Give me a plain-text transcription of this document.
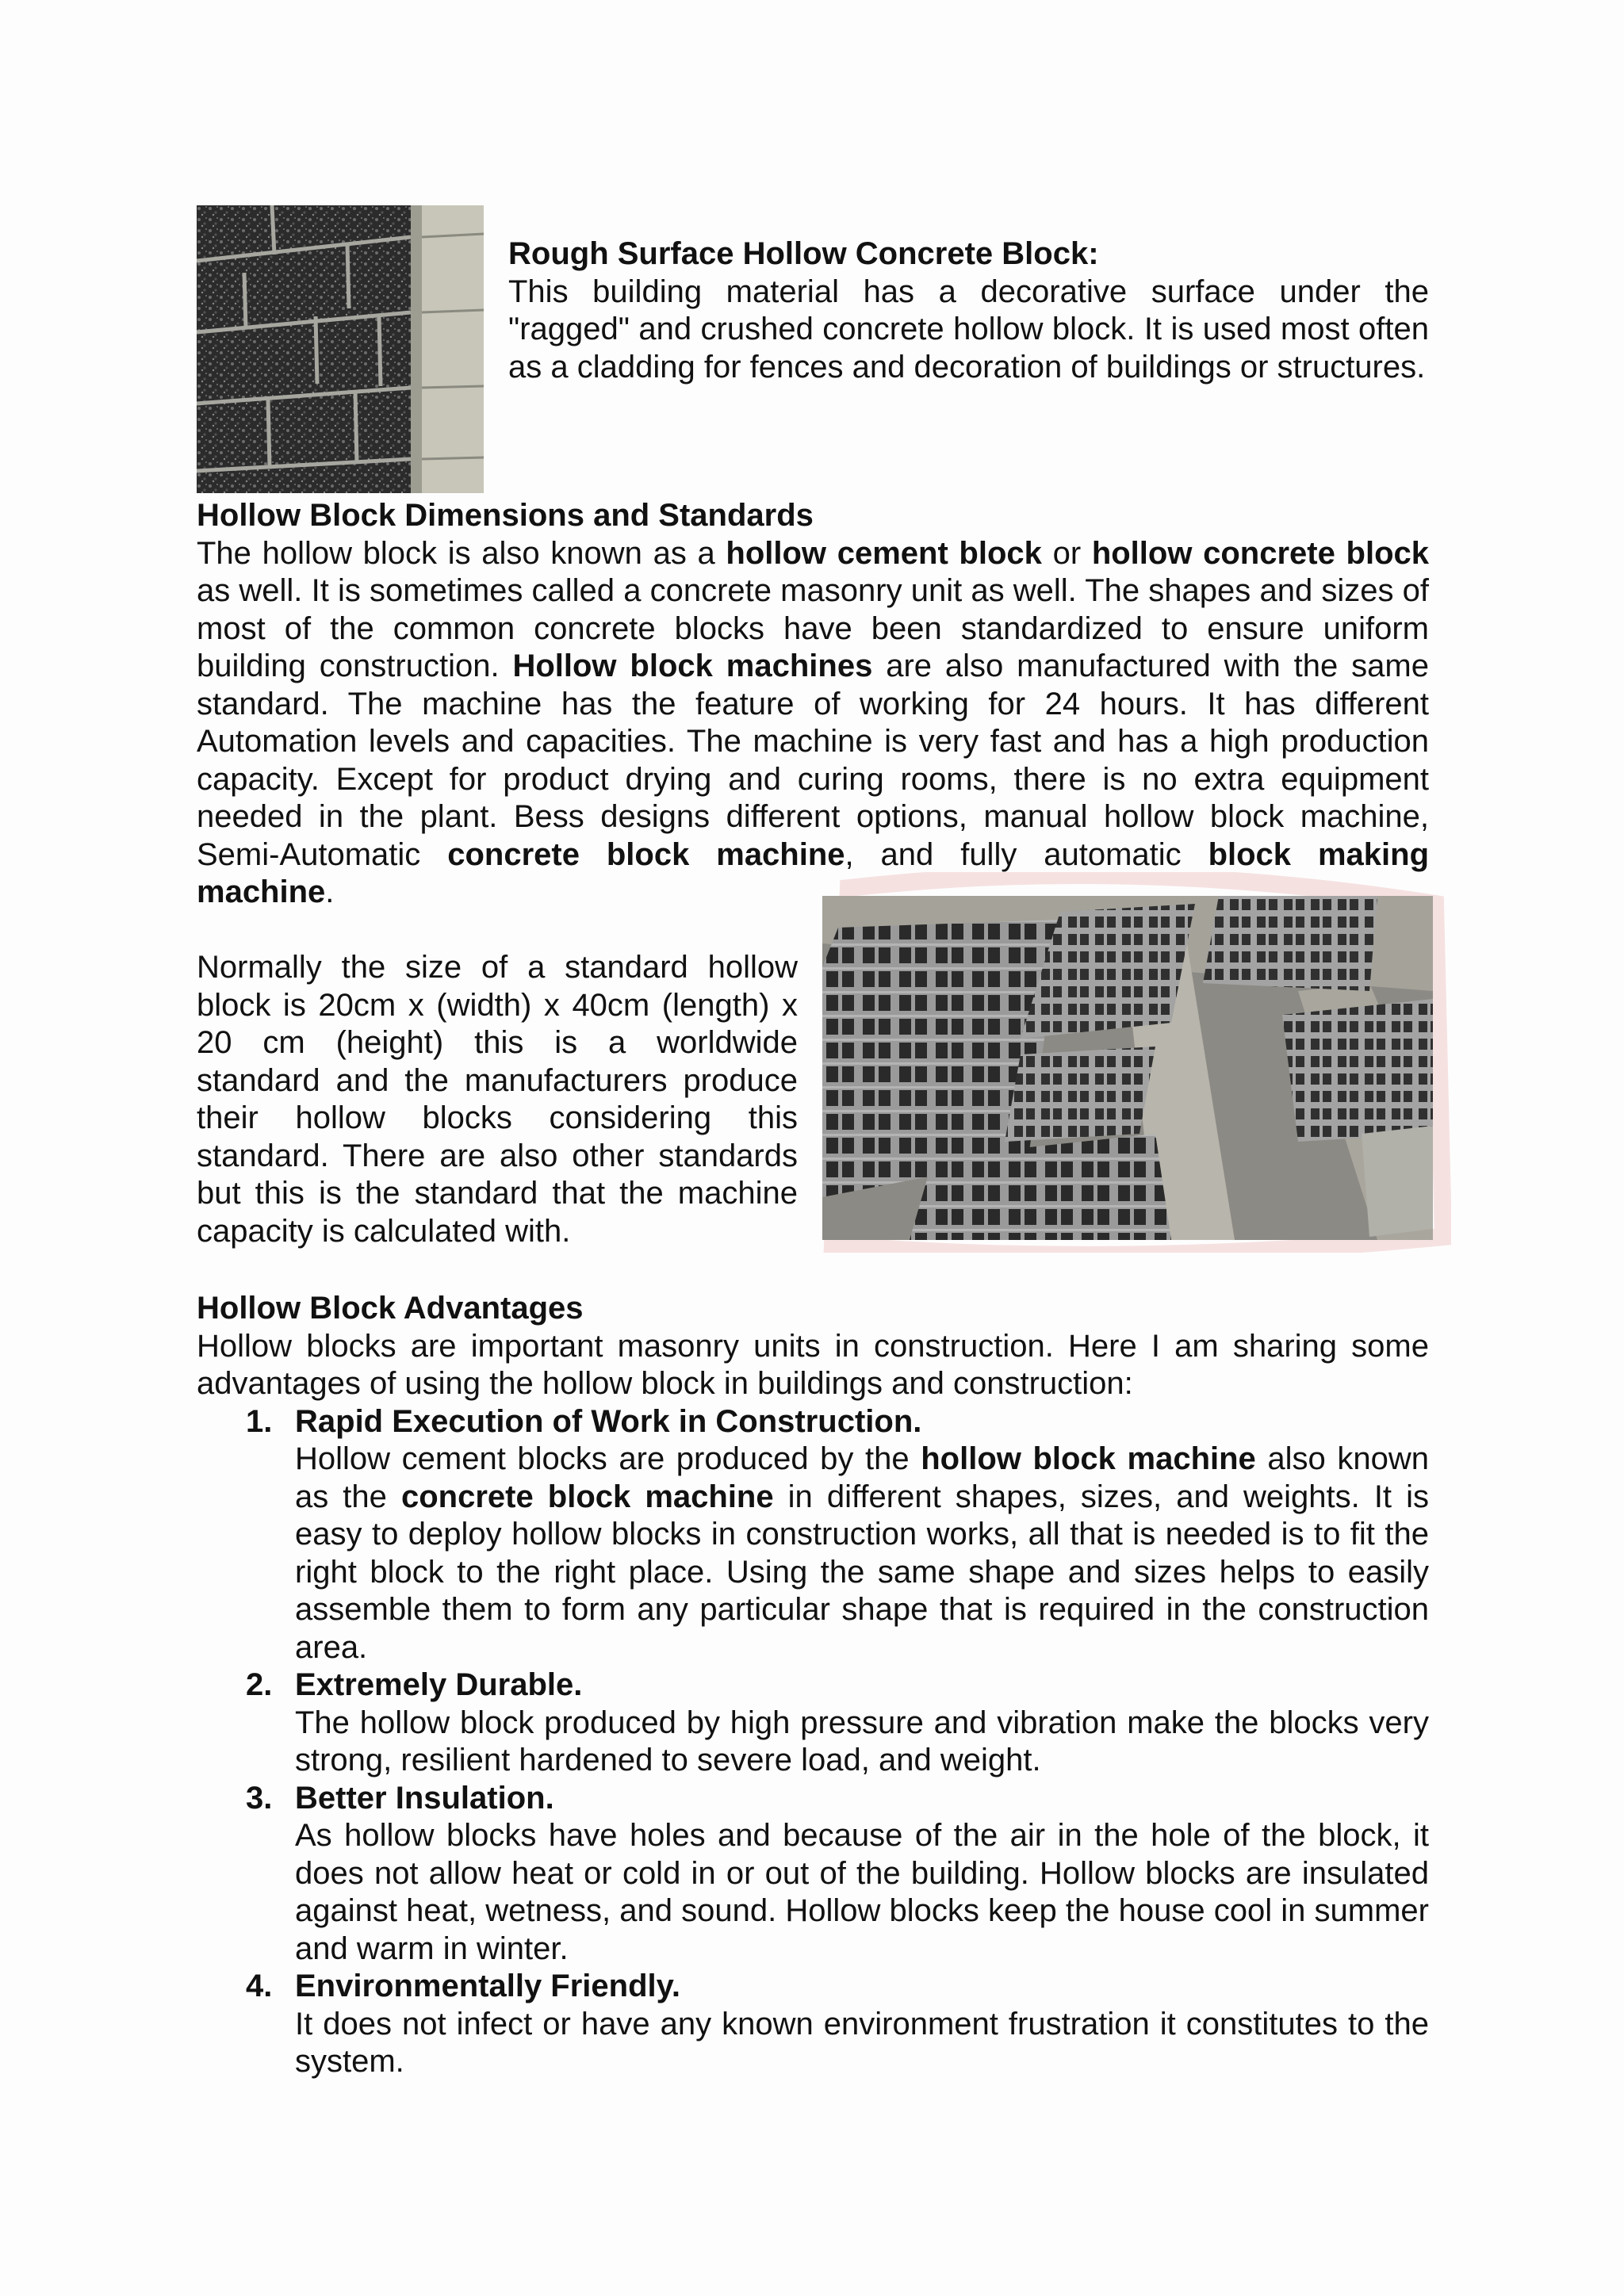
Rough Surface Hollow Concrete Block:

This building material has a decorative surface under the "ragged" and crushed concrete hollow block. It is used most often as a cladding for fences and decoration of buildings or structures.

Hollow Block Dimensions and Standards

The hollow block is also known as a hollow cement block or hollow concrete block as well. It is sometimes called a concrete masonry unit as well. The shapes and sizes of most of the common concrete blocks have been standardized to ensure uniform building construction. Hollow block machines are also manufactured with the same standard. The machine has the feature of working for 24 hours. It has different Automation levels and capacities. The machine is very fast and has a high production capacity. Except for product drying and curing rooms, there is no extra equipment needed in the plant. Bess designs different options, manual hollow block machine, Semi-Automatic concrete block machine, and fully automatic block making machine.

Normally the size of a standard hollow block is 20cm x (width) x 40cm (length) x 20 cm (height) this is a worldwide standard and the manufacturers produce their hollow blocks considering this standard. There are also other standards but this is the standard that the machine capacity is calculated with.

Hollow Block Advantages

Hollow blocks are important masonry units in construction. Here I am sharing some advantages of using the hollow block in buildings and construction:

1. Rapid Execution of Work in Construction.
Hollow cement blocks are produced by the hollow block machine also known as the concrete block machine in different shapes, sizes, and weights. It is easy to deploy hollow blocks in construction works, all that is needed is to fit the right block to the right place. Using the same shape and sizes helps to easily assemble them to form any particular shape that is required in the construction area.
2. Extremely Durable.
The hollow block produced by high pressure and vibration make the blocks very strong, resilient hardened to severe load, and weight.
3. Better Insulation.
As hollow blocks have holes and because of the air in the hole of the block, it does not allow heat or cold in or out of the building. Hollow blocks are insulated against heat, wetness, and sound. Hollow blocks keep the house cool in summer and warm in winter.
4. Environmentally Friendly.
It does not infect or have any known environment frustration it constitutes to the system.
